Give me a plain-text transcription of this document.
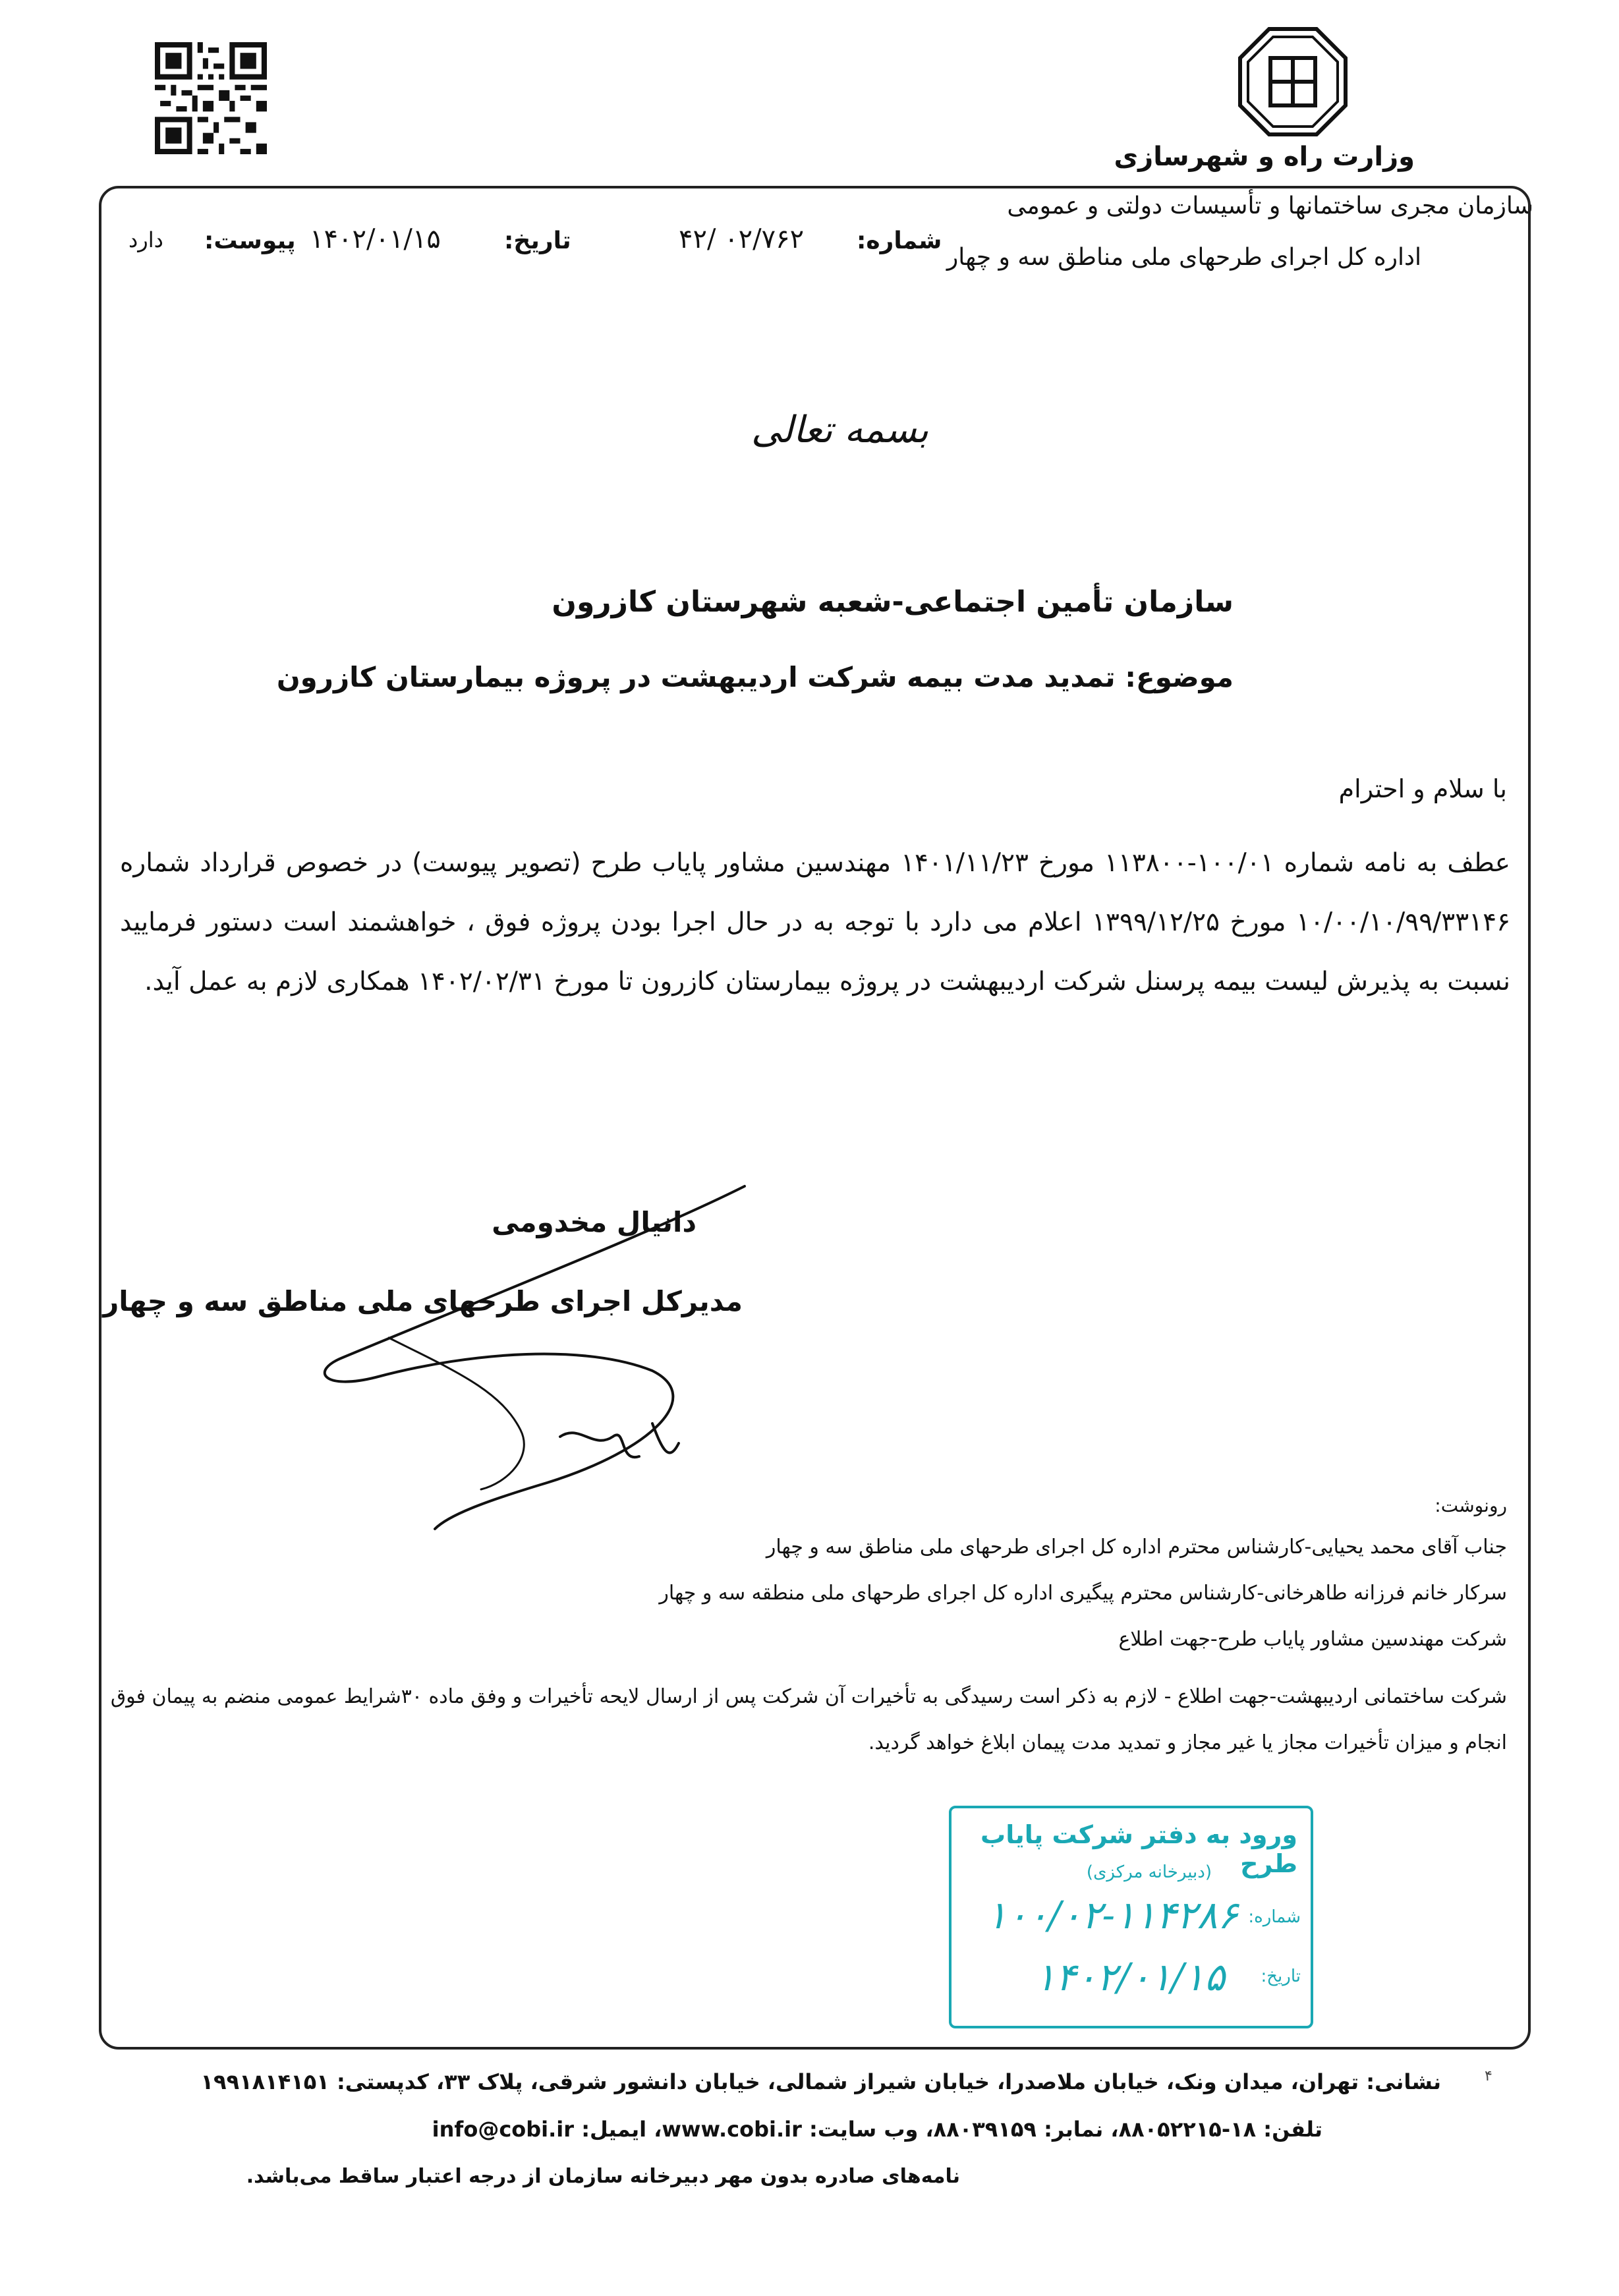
وزارت راه و شهرسازی
سازمان مجری ساختمانها و تأسیسات دولتی و عمومی
اداره کل اجرای طرحهای ملی مناطق سه و چهار
شماره:
۴۲/ ۰۲/۷۶۲
تاریخ:
۱۴۰۲/۰۱/۱۵
پیوست:
دارد
بسمه تعالی
سازمان تأمین اجتماعی-شعبه شهرستان کازرون
موضوع: تمدید مدت بیمه شرکت اردیبهشت در پروژه بیمارستان کازرون
با سلام و احترام
عطف به نامه شماره ۱۰۰/۰۱-۱۱۳۸۰۰ مورخ ۱۴۰۱/۱۱/۲۳ مهندسین مشاور پایاب طرح (تصویر پیوست) در خصوص قرارداد شماره ۱۰/۰۰/۱۰/۹۹/۳۳۱۴۶ مورخ ۱۳۹۹/۱۲/۲۵ اعلام می دارد با توجه به در حال اجرا بودن پروژه فوق ، خواهشمند است دستور فرمایید نسبت به پذیرش لیست بیمه پرسنل شرکت اردیبهشت در پروژه بیمارستان کازرون تا مورخ ۱۴۰۲/۰۲/۳۱ همکاری لازم به عمل آید.
دانیال مخدومی
مدیرکل اجرای طرحهای ملی مناطق سه و چهار
رونوشت:
جناب آقای محمد یحیایی-کارشناس محترم اداره کل اجرای طرحهای ملی مناطق سه و چهار
سرکار خانم فرزانه طاهرخانی-کارشناس محترم پیگیری اداره کل اجرای طرحهای ملی منطقه سه و چهار
شرکت مهندسین مشاور پایاب طرح-جهت اطلاع
شرکت ساختمانی اردیبهشت-جهت اطلاع - لازم به ذکر است رسیدگی به تأخیرات آن شرکت پس از ارسال لایحه تأخیرات و وفق ماده ۳۰شرایط عمومی منضم به پیمان فوق انجام و میزان تأخیرات مجاز یا غیر مجاز و تمدید مدت پیمان ابلاغ خواهد گردید.
ورود به دفتر شرکت پایاب طرح
(دبیرخانه مرکزی)
شماره:
۱۰۰/۰۲-۱۱۴۲۸۶
تاریخ:
۱۴۰۲/۰۱/۱۵
۴
نشانی: تهران، میدان ونک، خیابان ملاصدرا، خیابان شیراز شمالی، خیابان دانشور شرقی، پلاک ۳۳، کدپستی: ۱۹۹۱۸۱۴۱۵۱
تلفن: ۱۸-۸۸۰۵۲۲۱۵، نمابر: ۸۸۰۳۹۱۵۹، وب سایت: www.cobi.ir، ایمیل: info@cobi.ir
نامه‌های صادره بدون مهر دبیرخانه سازمان از درجه اعتبار ساقط می‌باشد.
